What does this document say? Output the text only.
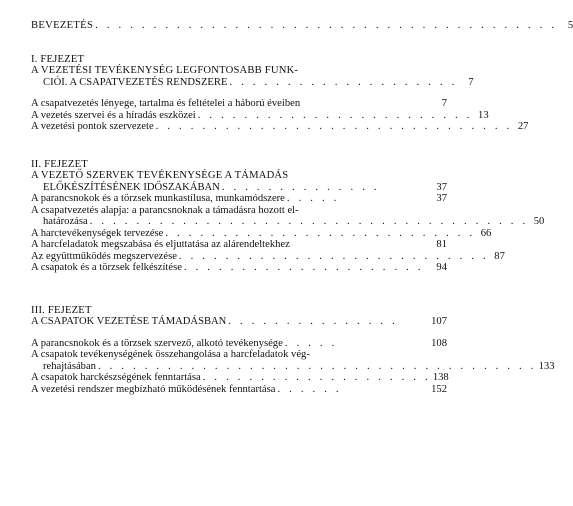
BEVEZETÉS . . . . . . . . . . . . . . . . . . . . . . . . . . . . . . . . . . . . . . . .	5
I. FEJEZET
A VEZETÉSI TEVÉKENYSÉG LEGFONTOSABB FUNK-
CIÓI. A CSAPATVEZETÉS RENDSZERE . . . . . . . . . . . . . . . . . . . .	7
A csapatvezetés lényege, tartalma és feltételei a háború éveiben	7
A vezetés szervei és a híradás eszközei . . . . . . . . . . . . . . . . . . . . . . . . 13
A vezetési pontok szervezete . . . . . . . . . . . . . . . . . . . . . . . . . . . . . . . 27
II. FEJEZET
A VEZETŐ SZERVEK TEVÉKENYSÉGE A TÁMADÁS
ELŐKÉSZÍTÉSÉNEK IDŐSZAKÁBAN . . . . . . . . . . . . . .	37
A parancsnokok és a törzsek munkastílusa, munkamódszere . . . . .	37
A csapatvezetés alapja: a parancsnoknak a támadásra hozott el-
határozása . . . . . . . . . . . . . . . . . . . . . . . . . . . . . . . . . . . . . . 50
A harctevékenységek tervezése . . . . . . . . . . . . . . . . . . . . . . . . . . . 66
A harcfeladatok megszabása és eljuttatása az alárendeltekhez	81
Az együttműködés megszervezése . . . . . . . . . . . . . . . . . . . . . . . . . . . 87
A csapatok és a törzsek felkészítése . . . . . . . . . . . . . . . . . . . . .	94
III. FEJEZET
A CSAPATOK VEZETÉSE TÁMADÁSBAN . . . . . . . . . . . . . . .	107
A parancsnokok és a törzsek szervező, alkotó tevékenysége . . . . .	108
A csapatok tevékenységének összehangolása a harcfeladatok vég-
rehajtásában . . . . . . . . . . . . . . . . . . . . . . . . . . . . . . . . . . . . . . 133
A csapatok harckészségének fenntartása . . . . . . . . . . . . . . . . . . . . 138
A vezetési rendszer megbízható működésének fenntartása . . . . . .	152
